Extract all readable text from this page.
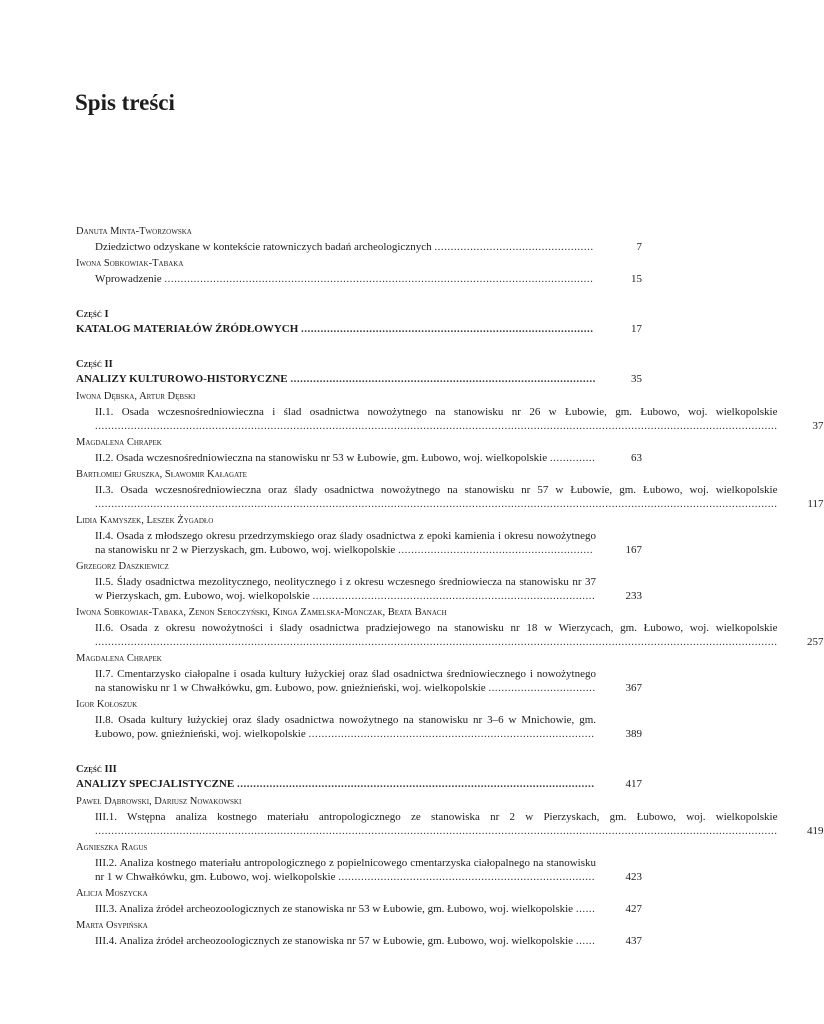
Spis treści
Danuta Minta-Tworzowska
Dziedzictwo odzyskane w kontekście ratowniczych badań archeologicznych .................................................	7
Iwona Sobkowiak-Tabaka
Wprowadzenie ....................................................................................................................................	15
Część I
KATALOG MATERIAŁÓW ŹRÓDŁOWYCH ..........................................................................................	17
Część II
ANALIZY KULTUROWO-HISTORYCZNE ..............................................................................................	35
Iwona Dębska, Artur Dębski
II.1. Osada wczesnośredniowieczna i ślad osadnictwa nowożytnego na stanowisku nr 26 w Łubowie, gm. Łubowo, woj. wielkopolskie ..................................................................................................................................................................................................................	37
Magdalena Chrapek
II.2. Osada wczesnośredniowieczna na stanowisku nr 53 w Łubowie, gm. Łubowo, woj. wielkopolskie ..............	63
Bartłomiej Gruszka, Sławomir Kałagate
II.3. Osada wczesnośredniowieczna oraz ślady osadnictwa nowożytnego na stanowisku nr 57 w Łubowie, gm. Łubowo, woj. wielkopolskie ..................................................................................................................................................................................................................	117
Lidia Kamyszek, Leszek Żygadło
II.4. Osada z młodszego okresu przedrzymskiego oraz ślady osadnictwa z epoki kamienia i okresu nowożytnego na stanowisku nr 2 w Pierzyskach, gm. Łubowo, woj. wielkopolskie ............................................................	167
Grzegorz Daszkiewicz
II.5. Ślady osadnictwa mezolitycznego, neolitycznego i z okresu wczesnego średniowiecza na stanowisku nr 37 w Pierzyskach, gm. Łubowo, woj. wielkopolskie .......................................................................................	233
Iwona Sobkowiak-Tabaka, Zenon Seroczyński, Kinga Zamelska-Monczak, Beata Banach
II.6. Osada z okresu nowożytności i ślady osadnictwa pradziejowego na stanowisku nr 18 w Wierzycach, gm. Łubowo, woj. wielkopolskie ..................................................................................................................................................................................................................	257
Magdalena Chrapek
II.7. Cmentarzysko ciałopalne i osada kultury łużyckiej oraz ślad osadnictwa średniowiecznego i nowożytnego na stanowisku nr 1 w Chwałkówku, gm. Łubowo, pow. gnieźnieński, woj. wielkopolskie .................................	367
Igor Kołoszuk
II.8. Osada kultury łużyckiej oraz ślady osadnictwa nowożytnego na stanowisku nr 3–6 w Mnichowie, gm. Łubowo, pow. gnieźnieński, woj. wielkopolskie ........................................................................................	389
Część III
ANALIZY SPECJALISTYCZNE ..............................................................................................................	417
Paweł Dąbrowski, Dariusz Nowakowski
III.1. Wstępna analiza kostnego materiału antropologicznego ze stanowiska nr 2 w Pierzyskach, gm. Łubowo, woj. wielkopolskie ..................................................................................................................................................................................................................	419
Agnieszka Ragus
III.2. Analiza kostnego materiału antropologicznego z popielnicowego cmentarzyska ciałopalnego na stanowisku nr 1 w Chwałkówku, gm. Łubowo, woj. wielkopolskie ...............................................................................	423
Alicja Moszycka
III.3. Analiza źródeł archeozoologicznych ze stanowiska nr 53 w Łubowie, gm. Łubowo, woj. wielkopolskie ......	427
Marta Osypińska
III.4. Analiza źródeł archeozoologicznych ze stanowiska nr 57 w Łubowie, gm. Łubowo, woj. wielkopolskie ......	437
